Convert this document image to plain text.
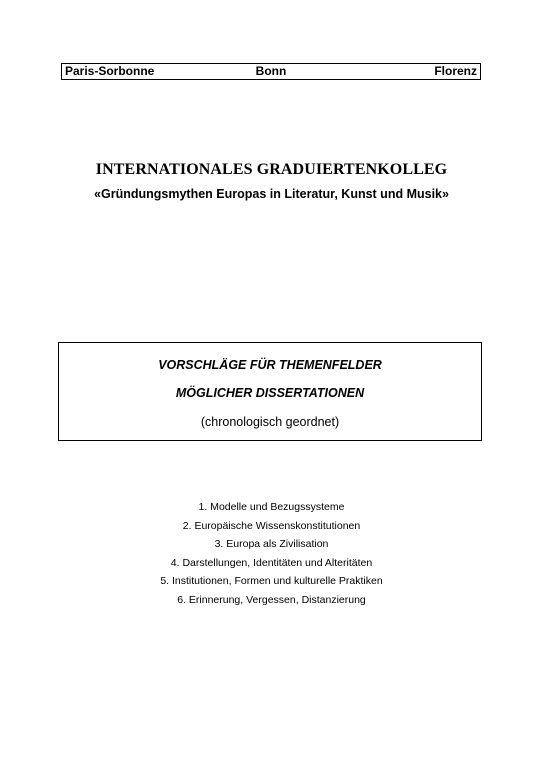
Paris-Sorbonne	Bonn	Florenz
INTERNATIONALES GRADUIERTENKOLLEG
«Gründungsmythen Europas in Literatur, Kunst und Musik»
VORSCHLÄGE FÜR THEMENFELDER
MÖGLICHER DISSERTATIONEN
(chronologisch geordnet)
1. Modelle und Bezugssysteme
2. Europäische Wissenskonstitutionen
3. Europa als Zivilisation
4. Darstellungen, Identitäten und Alteritäten
5. Institutionen, Formen und kulturelle Praktiken
6. Erinnerung, Vergessen, Distanzierung
